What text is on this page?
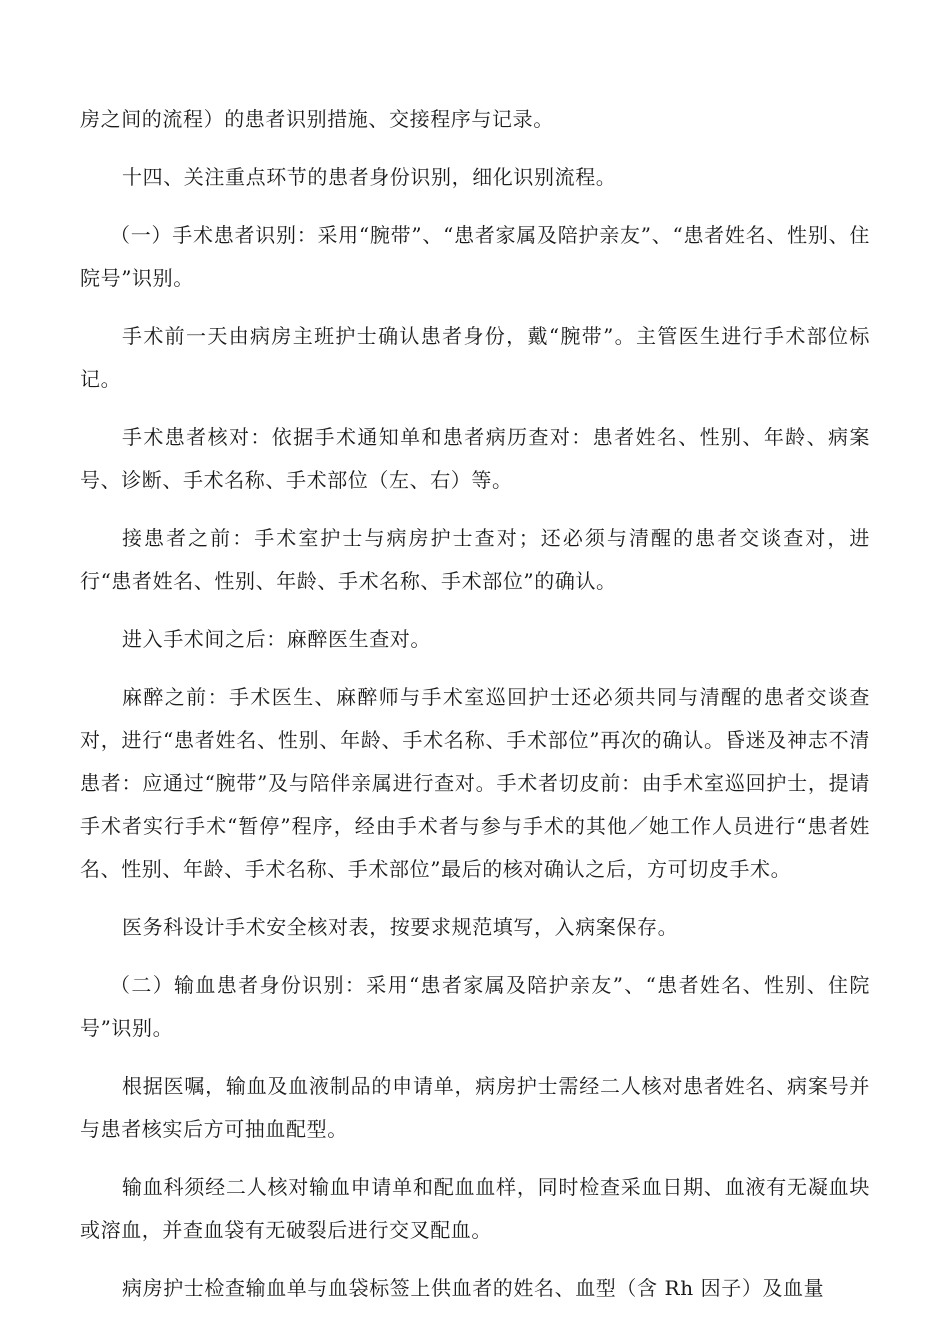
房之间的流程）的患者识别措施、交接程序与记录。

十四、关注重点环节的患者身份识别，细化识别流程。

（一）手术患者识别：采用“腕带”、“患者家属及陪护亲友”、“患者姓名、性别、住院号”识别。

手术前一天由病房主班护士确认患者身份，戴“腕带”。主管医生进行手术部位标记。

手术患者核对：依据手术通知单和患者病历查对：患者姓名、性别、年龄、病案号、诊断、手术名称、手术部位（左、右）等。

接患者之前：手术室护士与病房护士查对；还必须与清醒的患者交谈查对，进行“患者姓名、性别、年龄、手术名称、手术部位”的确认。

进入手术间之后：麻醉医生查对。

麻醉之前：手术医生、麻醉师与手术室巡回护士还必须共同与清醒的患者交谈查对，进行“患者姓名、性别、年龄、手术名称、手术部位”再次的确认。昏迷及神志不清患者：应通过“腕带”及与陪伴亲属进行查对。手术者切皮前：由手术室巡回护士，提请手术者实行手术“暂停”程序，经由手术者与参与手术的其他／她工作人员进行“患者姓名、性别、年龄、手术名称、手术部位”最后的核对确认之后，方可切皮手术。

医务科设计手术安全核对表，按要求规范填写，入病案保存。

（二）输血患者身份识别：采用“患者家属及陪护亲友”、“患者姓名、性别、住院号”识别。

根据医嘱，输血及血液制品的申请单，病房护士需经二人核对患者姓名、病案号并与患者核实后方可抽血配型。

输血科须经二人核对输血申请单和配血血样，同时检查采血日期、血液有无凝血块或溶血，并查血袋有无破裂后进行交叉配血。

病房护士检查输血单与血袋标签上供血者的姓名、血型（含 Rh 因子）及血量
